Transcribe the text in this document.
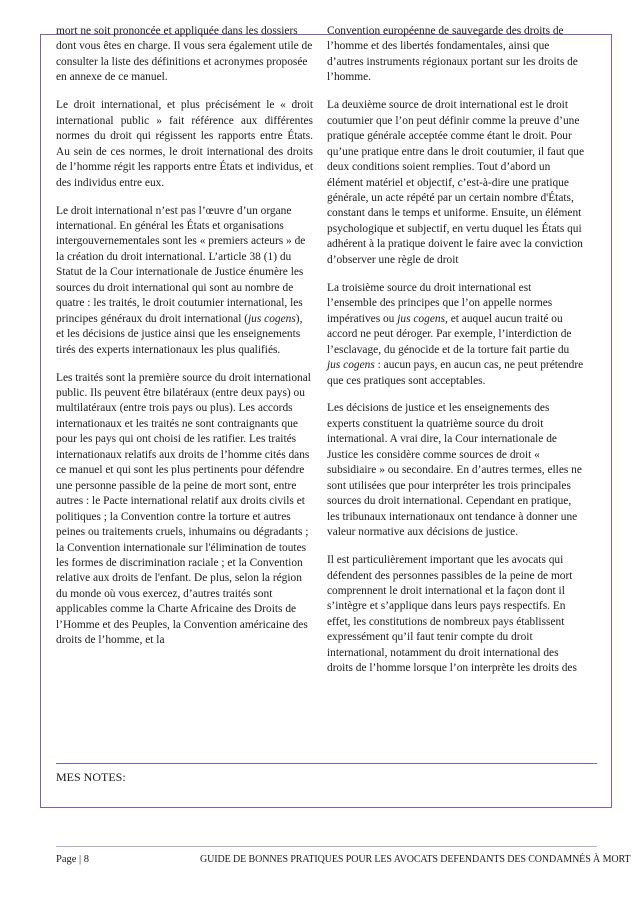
mort ne soit prononcée et appliquée dans les dossiers dont vous êtes en charge. Il vous sera également utile de consulter la liste des définitions et acronymes proposée en annexe de ce manuel.

Le droit international, et plus précisément le « droit international public » fait référence aux différentes normes du droit qui régissent les rapports entre États. Au sein de ces normes, le droit international des droits de l’homme régit les rapports entre États et individus, et des individus entre eux.

Le droit international n’est pas l’œuvre d’un organe international. En général les États et organisations intergouvernementales sont les « premiers acteurs » de la création du droit international. L’article 38 (1) du Statut de la Cour internationale de Justice énumère les sources du droit international qui sont au nombre de quatre : les traités, le droit coutumier international, les principes généraux du droit international (jus cogens), et les décisions de justice ainsi que les enseignements tirés des experts internationaux les plus qualifiés.

Les traités sont la première source du droit international public. Ils peuvent être bilatéraux (entre deux pays) ou multilatéraux (entre trois pays ou plus). Les accords internationaux et les traités ne sont contraignants que pour les pays qui ont choisi de les ratifier. Les traités internationaux relatifs aux droits de l’homme cités dans ce manuel et qui sont les plus pertinents pour défendre une personne passible de la peine de mort sont, entre autres : le Pacte international relatif aux droits civils et politiques ; la Convention contre la torture et autres peines ou traitements cruels, inhumains ou dégradants ; la Convention internationale sur l'élimination de toutes les formes de discrimination raciale ; et la Convention relative aux droits de l'enfant. De plus, selon la région du monde où vous exercez, d’autres traités sont applicables comme la Charte Africaine des Droits de l’Homme et des Peuples, la Convention américaine des droits de l’homme, et la

Convention européenne de sauvegarde des droits de l’homme et des libertés fondamentales, ainsi que d’autres instruments régionaux portant sur les droits de l’homme.

La deuxième source de droit international est le droit coutumier que l’on peut définir comme la preuve d’une pratique générale acceptée comme étant le droit. Pour qu’une pratique entre dans le droit coutumier, il faut que deux conditions soient remplies. Tout d’abord un élément matériel et objectif, c’est-à-dire une pratique générale, un acte répété par un certain nombre d'États, constant dans le temps et uniforme. Ensuite, un élément psychologique et subjectif, en vertu duquel les États qui adhérent à la pratique doivent le faire avec la conviction d’observer une règle de droit

La troisième source du droit international est l’ensemble des principes que l’on appelle normes impératives ou jus cogens, et auquel aucun traité ou accord ne peut déroger. Par exemple, l’interdiction de l’esclavage, du génocide et de la torture fait partie du jus cogens : aucun pays, en aucun cas, ne peut prétendre que ces pratiques sont acceptables.

Les décisions de justice et les enseignements des experts constituent la quatrième source du droit international. A vrai dire, la Cour internationale de Justice les considère comme sources de droit « subsidiaire » ou secondaire. En d’autres termes, elles ne sont utilisées que pour interpréter les trois principales sources du droit international. Cependant en pratique, les tribunaux internationaux ont tendance à donner une valeur normative aux décisions de justice.

Il est particulièrement important que les avocats qui défendent des personnes passibles de la peine de mort comprennent le droit international et la façon dont il s’intègre et s’applique dans leurs pays respectifs. En effet, les constitutions de nombreux pays établissent expressément qu’il faut tenir compte du droit international, notamment du droit international des droits de l’homme lorsque l’on interprète les droits des

MES NOTES:
Page | 8	GUIDE DE BONNES PRATIQUES POUR LES AVOCATS DEFENDANTS DES CONDAMNÉS À MORT
